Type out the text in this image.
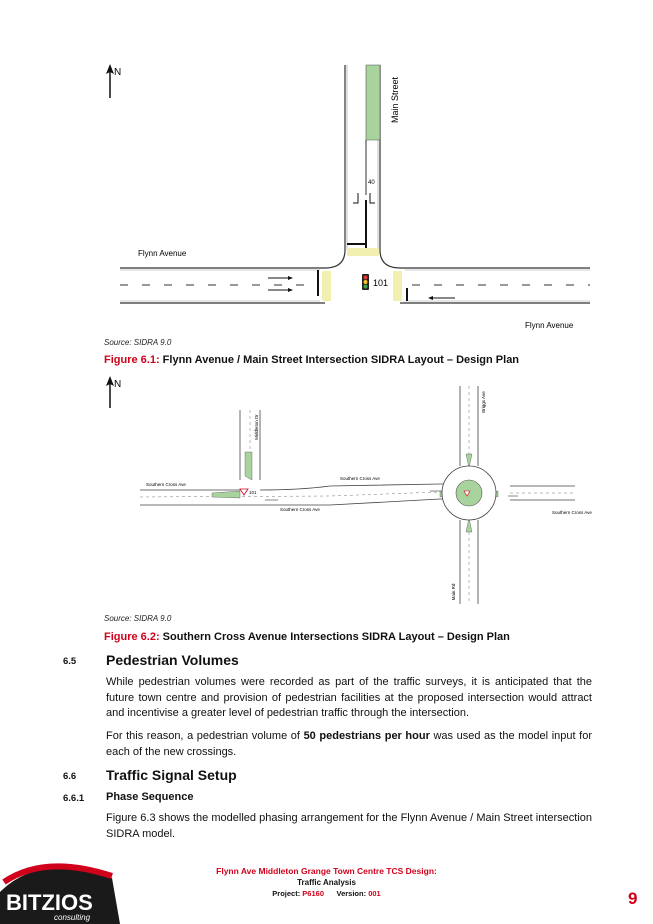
N
40
Main Street
101
Flynn Avenue
Flynn Avenue
Source: SIDRA 9.0
Figure 6.1: Flynn Avenue / Main Street Intersection SIDRA Layout – Design Plan
N
Middleton Dr
101
Briggs Ave
Main Rd
Southern Cross Ave
Southern Cross Ave
Southern Cross Ave
Southern Cross Ave
Source: SIDRA 9.0
Figure 6.2: Southern Cross Avenue Intersections SIDRA Layout – Design Plan
6.5 Pedestrian Volumes
While pedestrian volumes were recorded as part of the traffic surveys, it is anticipated that the future town centre and provision of pedestrian facilities at the proposed intersection would attract and incentivise a greater level of pedestrian traffic through the intersection.
For this reason, a pedestrian volume of 50 pedestrians per hour was used as the model input for each of the new crossings.
6.6 Traffic Signal Setup
6.6.1 Phase Sequence
Figure 6.3 shows the modelled phasing arrangement for the Flynn Avenue / Main Street intersection SIDRA model.
BITZIOS
consulting
Flynn Ave Middleton Grange Town Centre TCS Design:
Traffic Analysis
Project: P6160 Version: 001	9
